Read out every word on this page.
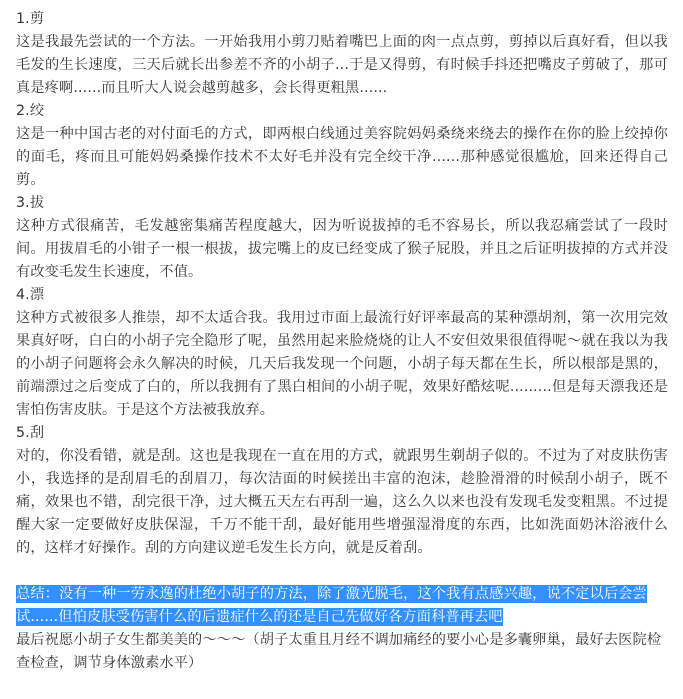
1.剪

这是我最先尝试的一个方法。一开始我用小剪刀贴着嘴巴上面的肉一点点剪，剪掉以后真好看，但以我毛发的生长速度，三天后就长出参差不齐的小胡子...于是又得剪，有时候手抖还把嘴皮子剪破了，那可真是疼啊......而且听大人说会越剪越多，会长得更粗黑......

2.绞

这是一种中国古老的对付面毛的方式，即两根白线通过美容院妈妈桑绕来绕去的操作在你的脸上绞掉你的面毛，疼而且可能妈妈桑操作技术不太好毛并没有完全绞干净......那种感觉很尴尬，回来还得自己剪。

3.拔

这种方式很痛苦，毛发越密集痛苦程度越大，因为听说拔掉的毛不容易长，所以我忍痛尝试了一段时间。用拔眉毛的小钳子一根一根拔，拔完嘴上的皮已经变成了猴子屁股，并且之后证明拔掉的方式并没有改变毛发生长速度，不值。

4.漂

这种方式被很多人推崇，却不太适合我。我用过市面上最流行好评率最高的某种漂胡剂，第一次用完效果真好呀，白白的小胡子完全隐形了呢，虽然用起来脸烧烧的让人不安但效果很值得呢～就在我以为我的小胡子问题将会永久解决的时候，几天后我发现一个问题，小胡子每天都在生长，所以根部是黑的，前端漂过之后变成了白的，所以我拥有了黑白相间的小胡子呢，效果好酷炫呢.........但是每天漂我还是害怕伤害皮肤。于是这个方法被我放弃。

5.刮

对的，你没看错，就是刮。这也是我现在一直在用的方式，就跟男生剃胡子似的。不过为了对皮肤伤害小，我选择的是刮眉毛的刮眉刀，每次洁面的时候搓出丰富的泡沫，趁脸滑滑的时候刮小胡子，既不痛，效果也不错，刮完很干净，过大概五天左右再刮一遍，这么久以来也没有发现毛发变粗黑。不过提醒大家一定要做好皮肤保湿，千万不能干刮，最好能用些增强湿滑度的东西，比如洗面奶沐浴液什么的，这样才好操作。刮的方向建议逆毛发生长方向，就是反着刮。

总结：没有一种一劳永逸的杜绝小胡子的方法，除了激光脱毛，这个我有点感兴趣，说不定以后会尝试......但怕皮肤受伤害什么的后遗症什么的还是自己先做好各方面科普再去吧

最后祝愿小胡子女生都美美的～～～（胡子太重且月经不调加痛经的要小心是多囊卵巢，最好去医院检查检查，调节身体激素水平）
